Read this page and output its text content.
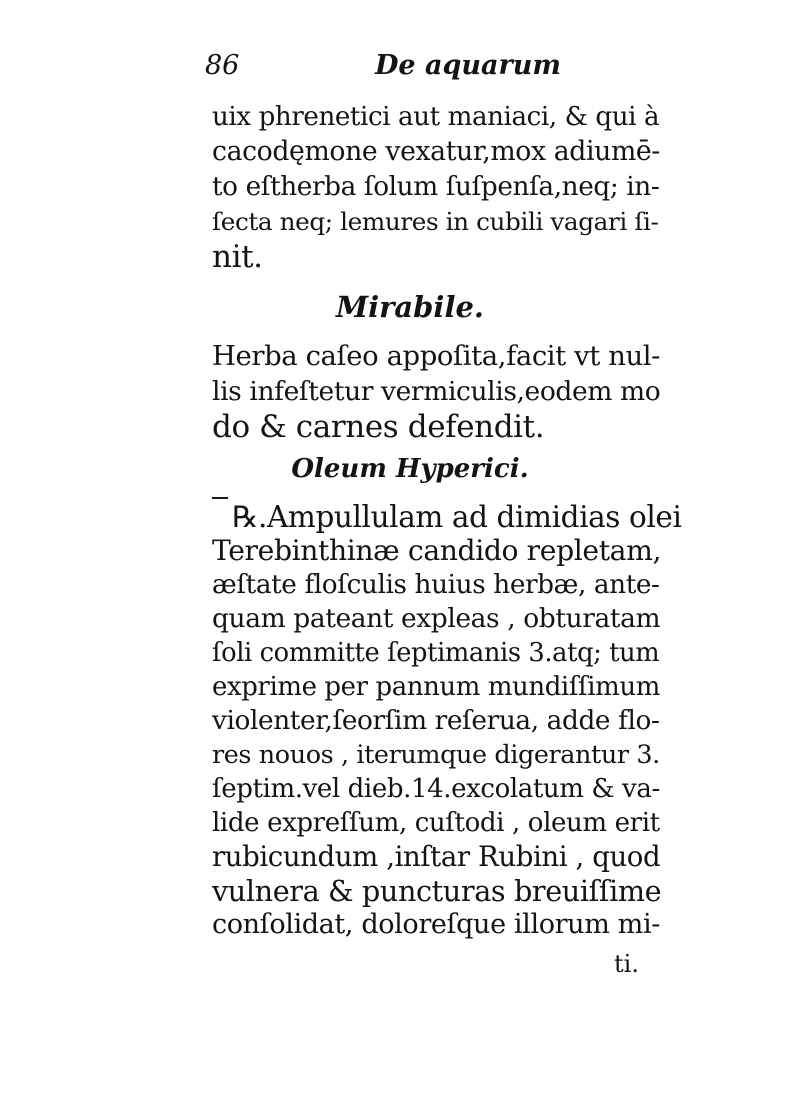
86	De aquarum
uix phrenetici aut maniaci, & qui à
cacodęmone vexatur,mox adiumē-
to eſtherba ſolum ſuſpenſa,neq; in-
ſecta neq; lemures in cubili vagari ſi-
nit.
Mirabile.
Herba caſeo appoſita,facit vt nul-
lis infeſtetur vermiculis,eodem mo
do & carnes defendit.
Oleum Hyperici.
℞.Ampullulam ad dimidias olei
Terebinthinæ candido repletam,
æſtate floſculis huius herbæ, ante-
quam pateant expleas , obturatam
ſoli committe ſeptimanis 3.atq; tum
exprime per pannum mundiſſimum
violenter,ſeorſim reſerua, adde flo-
res nouos , iterumque digerantur 3.
ſeptim.vel dieb.14.excolatum & va-
lide expreſſum, cuſtodi , oleum erit
rubicundum ,inſtar Rubini , quod
vulnera & puncturas breuiſſime
conſolidat, doloreſque illorum mi-
ti.
